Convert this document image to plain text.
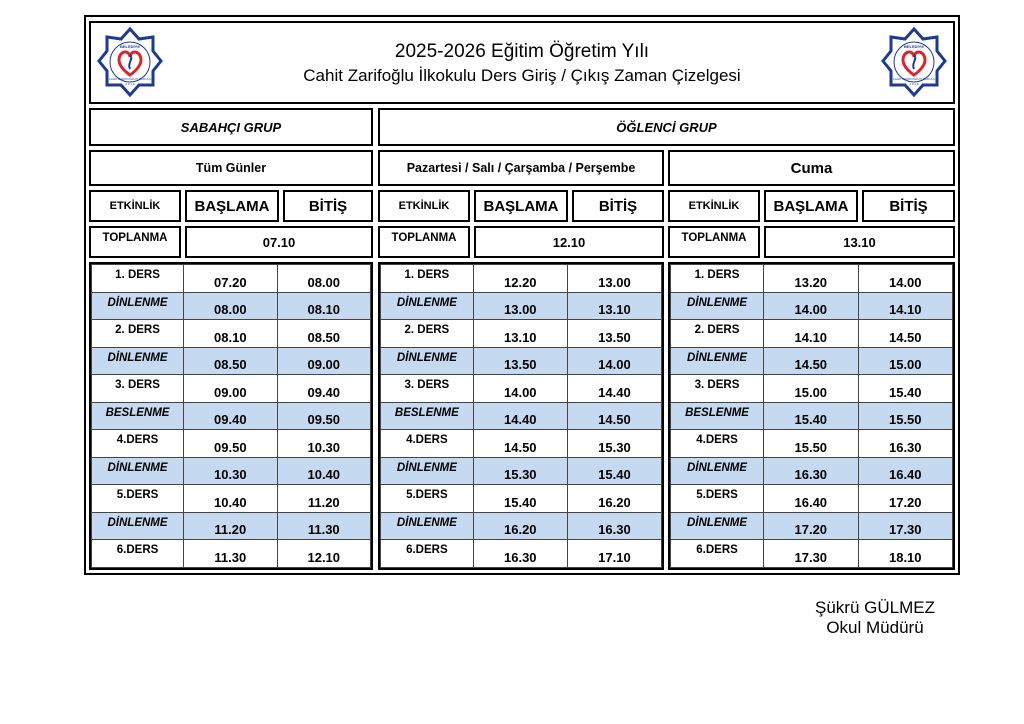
BELEDİYE
CAHİT ZARİFOĞLU İLKOKULU
2 0 1 6
2025-2026 Eğitim Öğretim Yılı
Cahit Zarifoğlu İlkokulu Ders Giriş / Çıkış Zaman Çizelgesi
BELEDİYE
CAHİT ZARİFOĞLU İLKOKULU
2 0 1 6
SABAHÇI GRUP	ÖĞLENCİ GRUP
Tüm Günler	Pazartesi / Salı / Çarşamba / Perşembe	Cuma
ETKİNLİK	BAŞLAMA	BİTİŞ	ETKİNLİK	BAŞLAMA	BİTİŞ	ETKİNLİK	BAŞLAMA	BİTİŞ
TOPLANMA	07.10	TOPLANMA	12.10	TOPLANMA	13.10
1. DERS	07.20	08.00
DİNLENME	08.00	08.10
2. DERS	08.10	08.50
DİNLENME	08.50	09.00
3. DERS	09.00	09.40
BESLENME	09.40	09.50
4.DERS	09.50	10.30
DİNLENME	10.30	10.40
5.DERS	10.40	11.20
DİNLENME	11.20	11.30
6.DERS	11.30	12.10
1. DERS	12.20	13.00
DİNLENME	13.00	13.10
2. DERS	13.10	13.50
DİNLENME	13.50	14.00
3. DERS	14.00	14.40
BESLENME	14.40	14.50
4.DERS	14.50	15.30
DİNLENME	15.30	15.40
5.DERS	15.40	16.20
DİNLENME	16.20	16.30
6.DERS	16.30	17.10
1. DERS	13.20	14.00
DİNLENME	14.00	14.10
2. DERS	14.10	14.50
DİNLENME	14.50	15.00
3. DERS	15.00	15.40
BESLENME	15.40	15.50
4.DERS	15.50	16.30
DİNLENME	16.30	16.40
5.DERS	16.40	17.20
DİNLENME	17.20	17.30
6.DERS	17.30	18.10
Şükrü GÜLMEZ
Okul Müdürü
